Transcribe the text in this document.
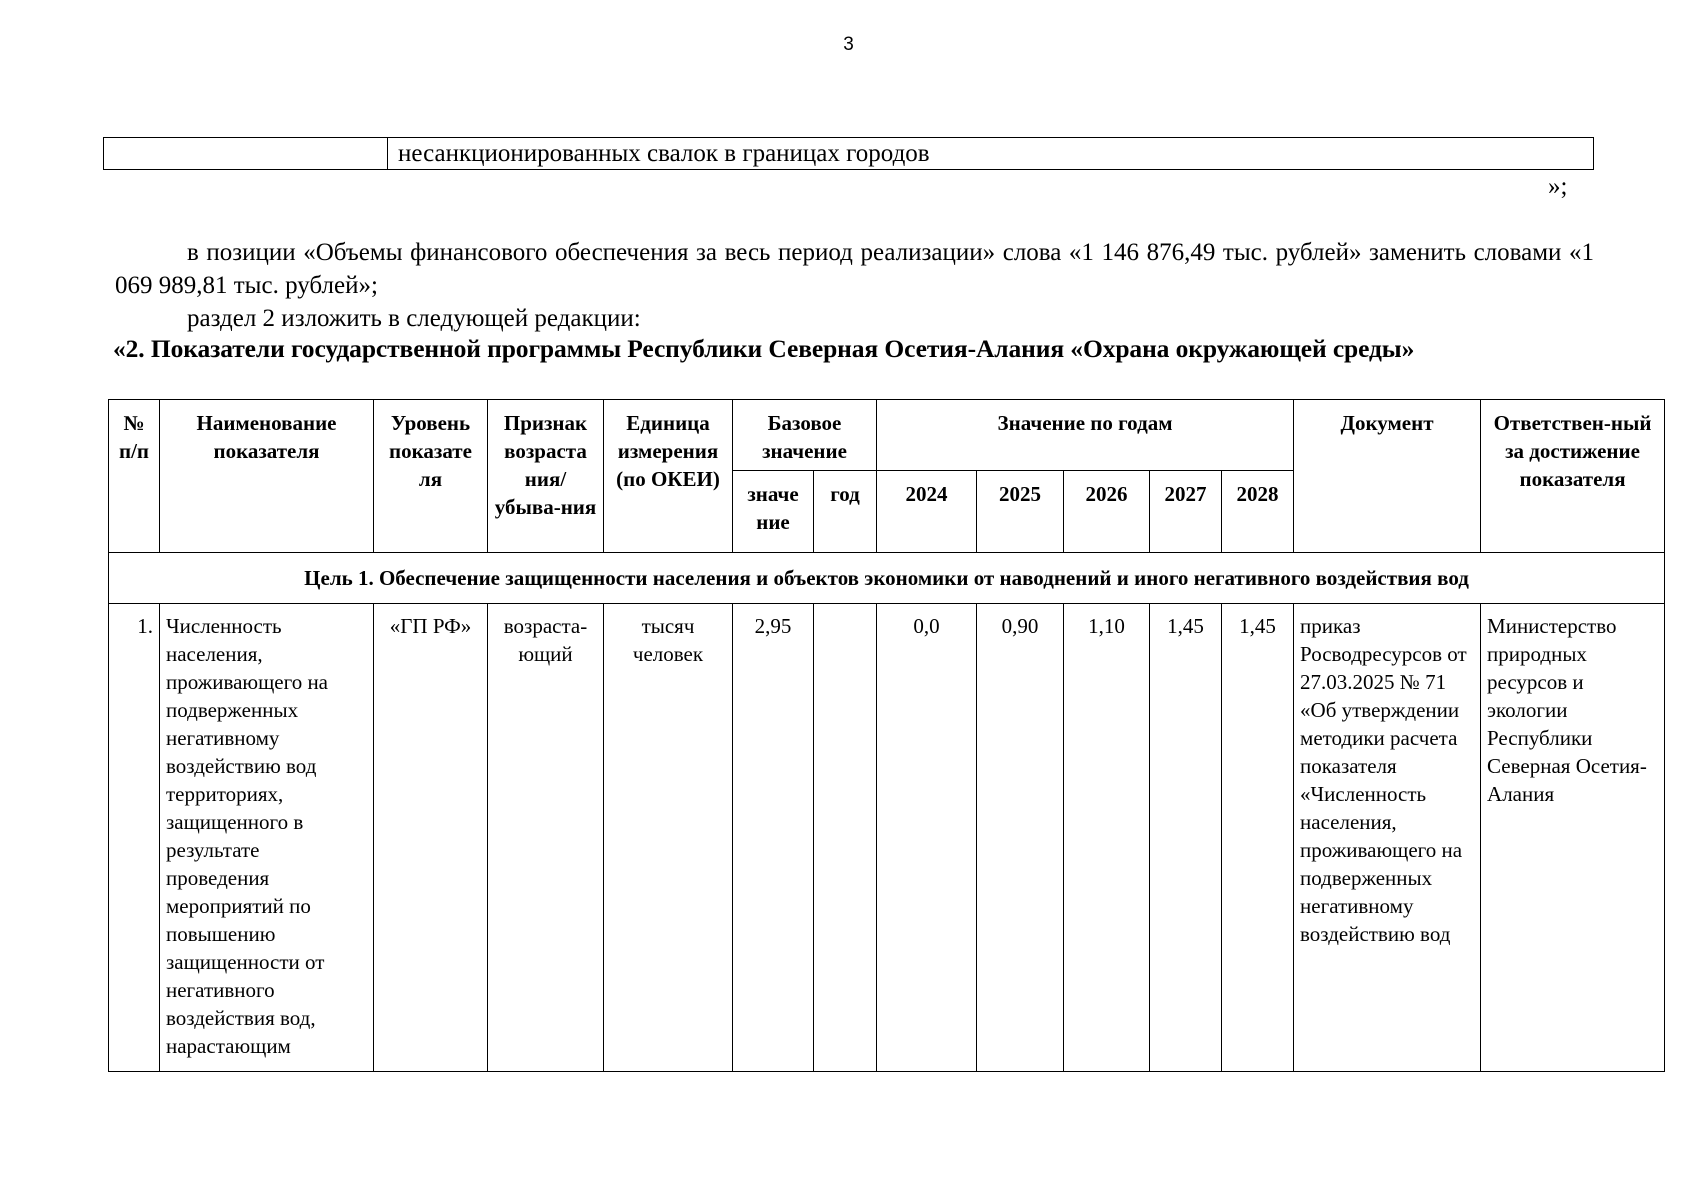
3
	несанкционированных свалок в границах городов
»;
в позиции «Объемы финансового обеспечения за весь период реализации» слова «1 146 876,49 тыс. рублей» заменить словами «1 069 989,81 тыс. рублей»;
раздел 2 изложить в следующей редакции:
«2. Показатели государственной программы Республики Северная Осетия-Алания «Охрана окружающей среды»
№ п/п	Наименование показателя	Уровень показате ля	Признак возраста ния/ убыва-ния	Единица измерения (по ОКЕИ)	Базовое значение		Значение по годам					Документ	Ответствен-ный за достижение показателя
					значе ние	год	2024	2025	2026	2027	2028		
Цель 1. Обеспечение защищенности населения и объектов экономики от наводнений и иного негативного воздействия вод													
1.	Численность населения, проживающего на подверженных негативному воздействию вод территориях, защищенного в результате проведения мероприятий по повышению защищенности от негативного воздействия вод, нарастающим	«ГП РФ»	возраста-ющий	тысяч человек	2,95		0,0	0,90	1,10	1,45	1,45	приказ Росводресурсов от 27.03.2025 № 71 «Об утверждении методики расчета показателя «Численность населения, проживающего на подверженных негативному воздействию вод	Министерство природных ресурсов и экологии Республики Северная Осетия-Алания
